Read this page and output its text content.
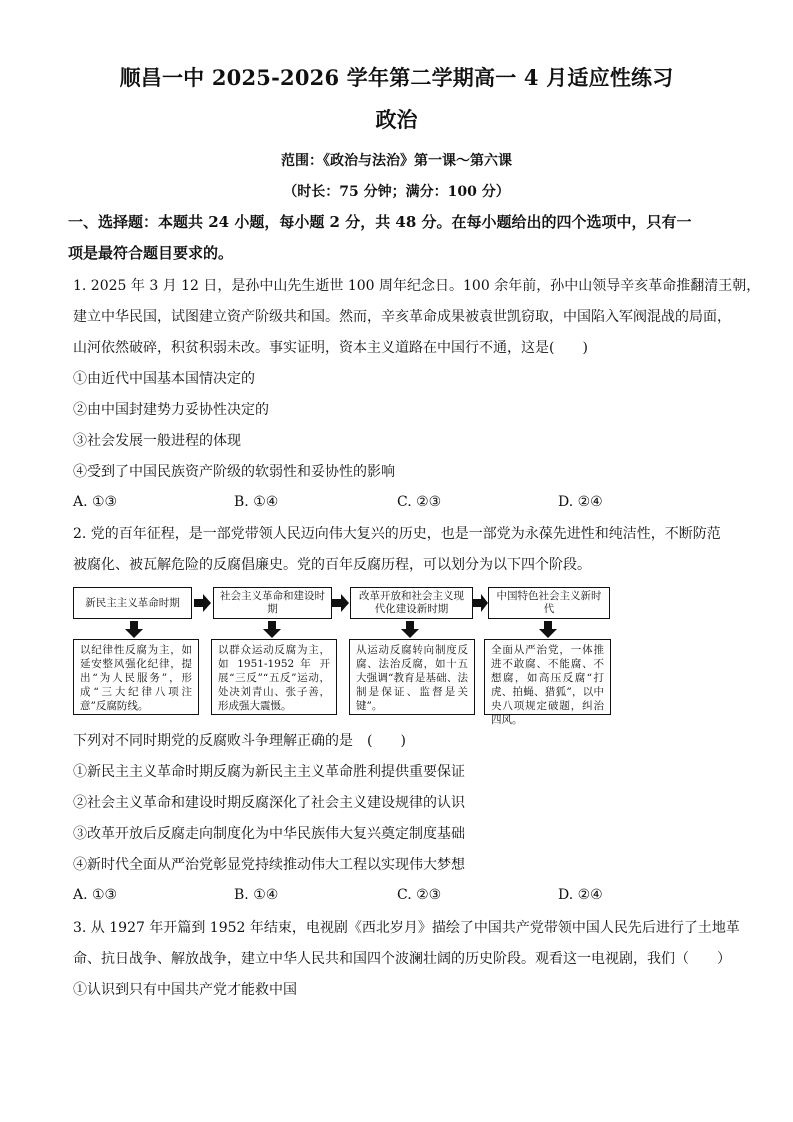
顺昌一中 2025-2026 学年第二学期高一 4 月适应性练习
政治
范围：《政治与法治》第一课～第六课
（时长：75 分钟；满分：100 分）
一、选择题：本题共 24 小题，每小题 2 分，共 48 分。在每小题给出的四个选项中，只有一
项是最符合题目要求的。
1. 2025 年 3 月 12 日，是孙中山先生逝世 100 周年纪念日。100 余年前，孙中山领导辛亥革命推翻清王朝，
建立中华民国，试图建立资产阶级共和国。然而，辛亥革命成果被袁世凯窃取，中国陷入军阀混战的局面，
山河依然破碎，积贫积弱未改。事实证明，资本主义道路在中国行不通，这是(　　)
①由近代中国基本国情决定的
②由中国封建势力妥协性决定的
③社会发展一般进程的体现
④受到了中国民族资产阶级的软弱性和妥协性的影响
A. ①③	B. ①④	C. ②③	D. ②④
2. 党的百年征程，是一部党带领人民迈向伟大复兴的历史，也是一部党为永葆先进性和纯洁性，不断防范
被腐化、被瓦解危险的反腐倡廉史。党的百年反腐历程，可以划分为以下四个阶段。
新民主主义革命时期
社会主义革命和建设时期
改革开放和社会主义现代化建设新时期
中国特色社会主义新时代
以纪律性反腐为主，如延安整风强化纪律，提出“为人民服务”，形成“三大纪律八项注意”反腐防线。
以群众运动反腐为主，如 1951-1952 年 开 展“三反”“五反”运动，处决刘青山、张子善，形成强大震慑。
从运动反腐转向制度反腐、法治反腐，如十五大强调“教育是基础、法制是保证、监督是关键”。
全面从严治党，一体推进不敢腐、不能腐、不想腐，如高压反腐“打虎、拍蝇、猎狐”，以中央八项规定破题，纠治四风。
下列对不同时期党的反腐败斗争理解正确的是　(　　)
①新民主主义革命时期反腐为新民主主义革命胜利提供重要保证
②社会主义革命和建设时期反腐深化了社会主义建设规律的认识
③改革开放后反腐走向制度化为中华民族伟大复兴奠定制度基础
④新时代全面从严治党彰显党持续推动伟大工程以实现伟大梦想
A. ①③	B. ①④	C. ②③	D. ②④
3. 从 1927 年开篇到 1952 年结束，电视剧《西北岁月》描绘了中国共产党带领中国人民先后进行了土地革
命、抗日战争、解放战争，建立中华人民共和国四个波澜壮阔的历史阶段。观看这一电视剧，我们（　　）
①认识到只有中国共产党才能救中国
